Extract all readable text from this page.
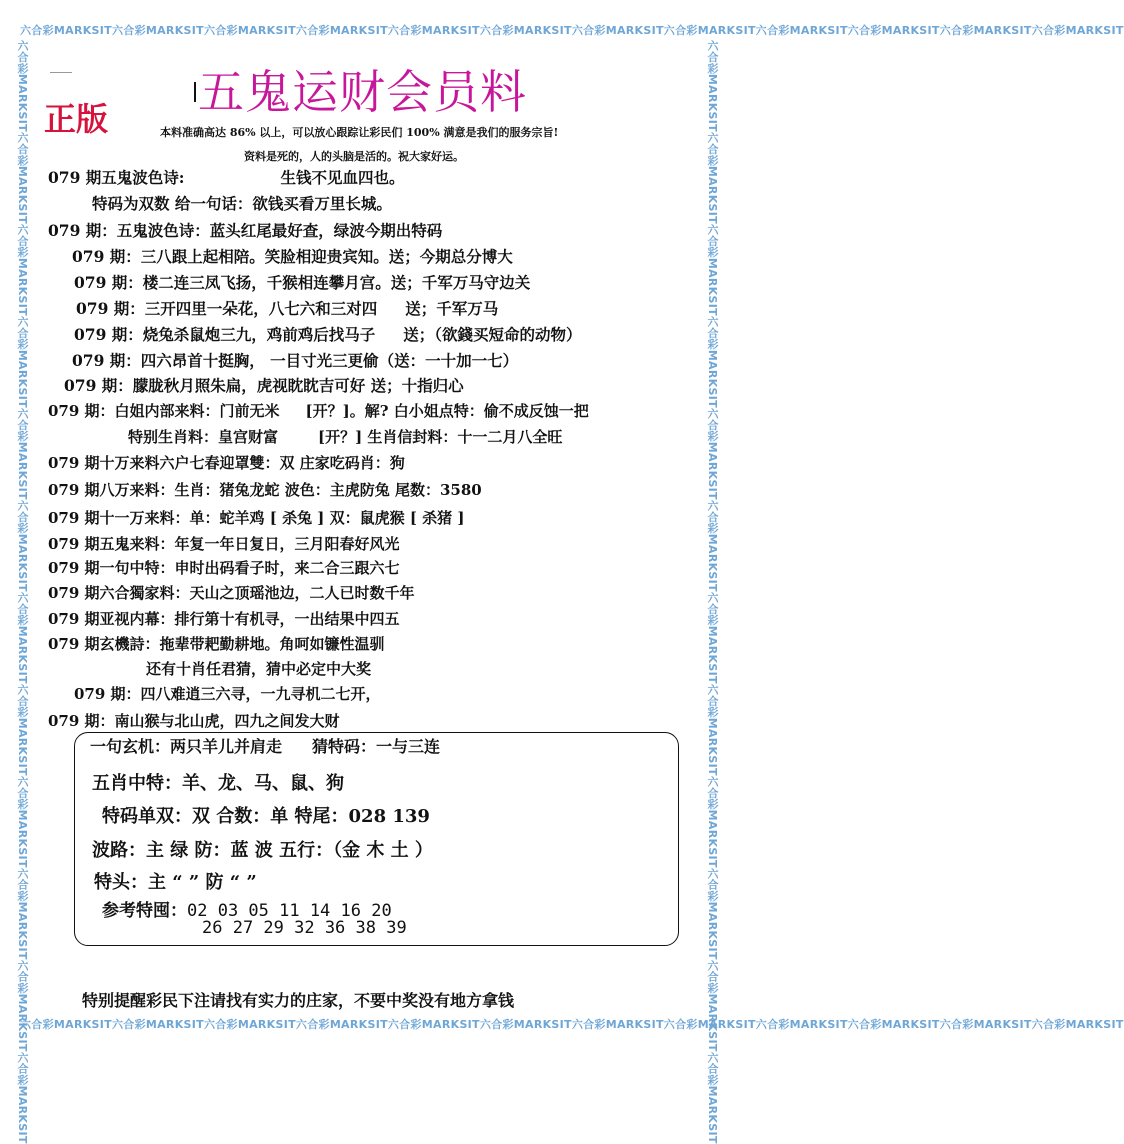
六合彩MARKSIT六合彩MARKSIT六合彩MARKSIT六合彩MARKSIT六合彩MARKSIT六合彩MARKSIT六合彩MARKSIT六合彩MARKSIT六合彩MARKSIT六合彩MARKSIT六合彩MARKSIT六合彩MARKSIT
六合彩MARKSIT六合彩MARKSIT六合彩MARKSIT六合彩MARKSIT六合彩MARKSIT六合彩MARKSIT六合彩MARKSIT六合彩MARKSIT六合彩MARKSIT六合彩MARKSIT六合彩MARKSIT六合彩MARKSIT
六合彩MARKSIT六合彩MARKSIT六合彩MARKSIT六合彩MARKSIT六合彩MARKSIT六合彩MARKSIT六合彩MARKSIT六合彩MARKSIT六合彩MARKSIT六合彩MARKSIT六合彩MARKSIT六合彩MARKSIT	六合彩MARKSIT六合彩MARKSIT六合彩MARKSIT六合彩MARKSIT六合彩MARKSIT六合彩MARKSIT六合彩MARKSIT六合彩MARKSIT六合彩MARKSIT六合彩MARKSIT六合彩MARKSIT六合彩MARKSIT
正版 五鬼运财会员料
本料准确高达 86% 以上，可以放心跟踪让彩民们 100% 满意是我们的服务宗旨!
资料是死的，人的头脑是活的。祝大家好运。
079 期五鬼波色诗:	生钱不见血四也。
特码为双数 给一句话：欲钱买看万里长城。
079 期：五鬼波色诗：蓝头红尾最好查，绿波今期出特码
079 期：三八跟上起相陪。笑脸相迎贵宾知。送；今期总分博大
079 期：楼二连三凤飞扬，千猴相连攀月宫。送；千军万马守边关
079 期：三开四里一朵花，八七六和三对四 送；千军万马
079 期：烧兔杀鼠炮三九，鸡前鸡后找马子 送；（欲錢买短命的动物）
079 期：四六昂首十挺胸， 一目寸光三更偷（送：一十加一七）
079 期：朦胧秋月照朱扁，虎视眈眈吉可好 送；十指归心
079 期：白姐内部来料：门前无米 [开？]。解? 白小姐点特：偷不成反蚀一把
特别生肖料：皇宫财富	[开？] 生肖信封料：十一二月八全旺
079 期十万来料六户七春迎罩雙：双 庄家吃码肖：狗
079 期八万来料：生肖：猪兔龙蛇 波色：主虎防兔 尾数：3580
079 期十一万来料：单：蛇羊鸡 [ 杀兔 ] 双：鼠虎猴 [ 杀猪 ]
079 期五鬼来料：年复一年日复日，三月阳春好风光
079 期一句中特：申时出码看子时，来二合三跟六七
079 期六合獨家料：天山之顶瑶池边，二人已时数千年
079 期亚视内幕：排行第十有机寻，一出结果中四五
079 期玄機詩：拖辈带耙勤耕地。角呵如镰性温驯
还有十肖任君猜，猜中必定中大奖
079 期：四八难逍三六寻，一九寻机二七开，
079 期：南山猴与北山虎，四九之间发大财
一句玄机：两只羊儿并肩走 猜特码：一与三连
五肖中特：羊、龙、马、鼠、狗
特码单双：双 合数：单 特尾：028 139
波路：主 绿 防：蓝 波 五行：（金 木 土 ）
特头：主 “ ” 防 “ ”
参考特囤：02 03 05 11 14 16 20
26 27 29 32 36 38 39
特别提醒彩民下注请找有实力的庄家，不要中奖没有地方拿钱
